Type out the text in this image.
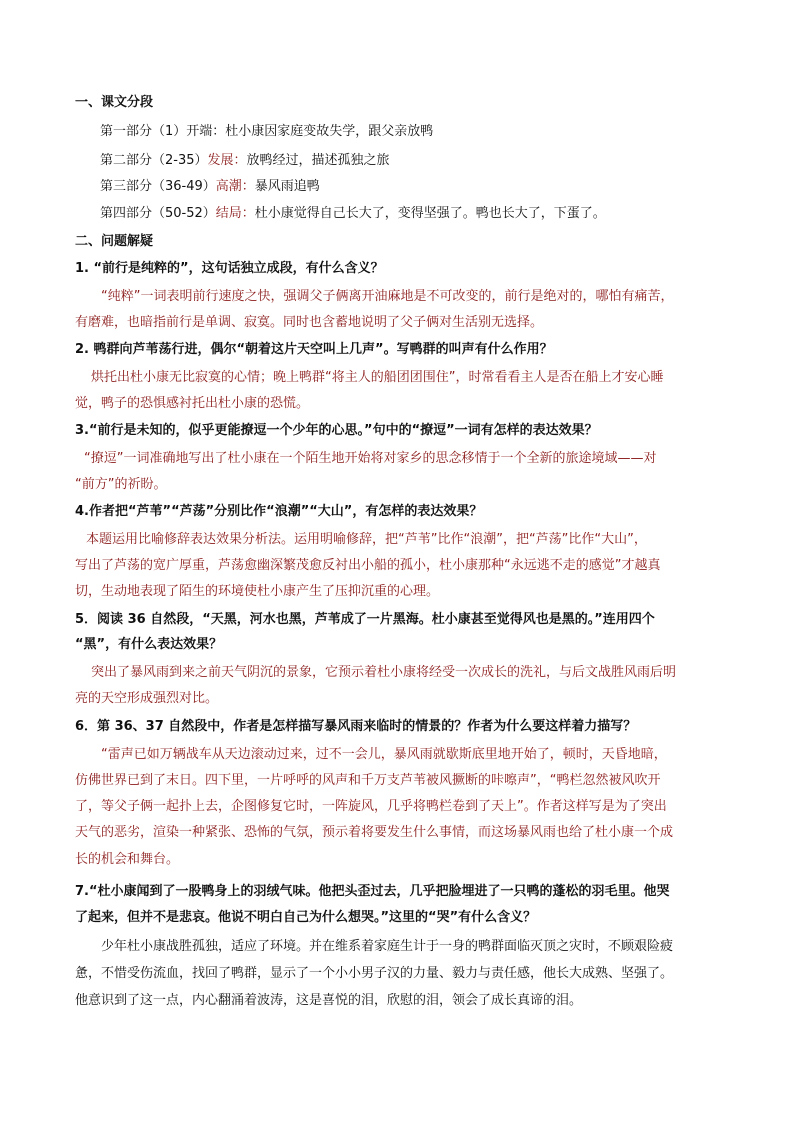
一、课文分段
第一部分（1）开端：杜小康因家庭变故失学，跟父亲放鸭
第二部分（2-35）发展：放鸭经过，描述孤独之旅
第三部分（36-49）高潮：暴风雨追鸭
第四部分（50-52）结局：杜小康觉得自己长大了，变得坚强了。鸭也长大了，下蛋了。
二、问题解疑
1. “前行是纯粹的”，这句话独立成段，有什么含义？
“纯粹”一词表明前行速度之快，强调父子俩离开油麻地是不可改变的，前行是绝对的，哪怕有痛苦，
有磨难，也暗指前行是单调、寂寞。同时也含蓄地说明了父子俩对生活别无选择。
2. 鸭群向芦苇荡行进，偶尔“朝着这片天空叫上几声”。写鸭群的叫声有什么作用？
烘托出杜小康无比寂寞的心情；晚上鸭群“将主人的船团团围住”，时常看看主人是否在船上才安心睡
觉，鸭子的恐惧感衬托出杜小康的恐慌。
3.“前行是未知的，似乎更能撩逗一个少年的心思。”句中的“撩逗”一词有怎样的表达效果？
“撩逗”一词准确地写出了杜小康在一个陌生地开始将对家乡的思念移情于一个全新的旅途境域——对
“前方”的祈盼。
4.作者把“芦苇”“芦荡”分别比作“浪潮”“大山”，有怎样的表达效果？
本题运用比喻修辞表达效果分析法。运用明喻修辞，把“芦苇”比作“浪潮”，把“芦荡”比作“大山”，
写出了芦荡的宽广厚重，芦荡愈幽深繁茂愈反衬出小船的孤小，杜小康那种“永远逃不走的感觉”才越真
切，生动地表现了陌生的环境使杜小康产生了压抑沉重的心理。
5．阅读 36 自然段，“天黑，河水也黑，芦苇成了一片黑海。杜小康甚至觉得风也是黑的。”连用四个
“黑”，有什么表达效果？
突出了暴风雨到来之前天气阴沉的景象，它预示着杜小康将经受一次成长的洗礼，与后文战胜风雨后明
亮的天空形成强烈对比。
6．第 36、37 自然段中，作者是怎样描写暴风雨来临时的情景的？作者为什么要这样着力描写？
“雷声已如万辆战车从天边滚动过来，过不一会儿，暴风雨就歇斯底里地开始了，顿时，天昏地暗，
仿佛世界已到了末日。四下里，一片呼呼的风声和千万支芦苇被风撅断的咔嚓声”，“鸭栏忽然被风吹开
了，等父子俩一起扑上去，企图修复它时，一阵旋风，几乎将鸭栏卷到了天上”。作者这样写是为了突出
天气的恶劣，渲染一种紧张、恐怖的气氛，预示着将要发生什么事情，而这场暴风雨也给了杜小康一个成
长的机会和舞台。
7.“杜小康闻到了一股鸭身上的羽绒气味。他把头歪过去，几乎把脸埋进了一只鸭的蓬松的羽毛里。他哭
了起来，但并不是悲哀。他说不明白自己为什么想哭。”这里的“哭”有什么含义？
少年杜小康战胜孤独，适应了环境。并在维系着家庭生计于一身的鸭群面临灭顶之灾时，不顾艰险疲
惫，不惜受伤流血，找回了鸭群，显示了一个小小男子汉的力量、毅力与责任感，他长大成熟、坚强了。
他意识到了这一点，内心翻涌着波涛，这是喜悦的泪，欣慰的泪，领会了成长真谛的泪。
